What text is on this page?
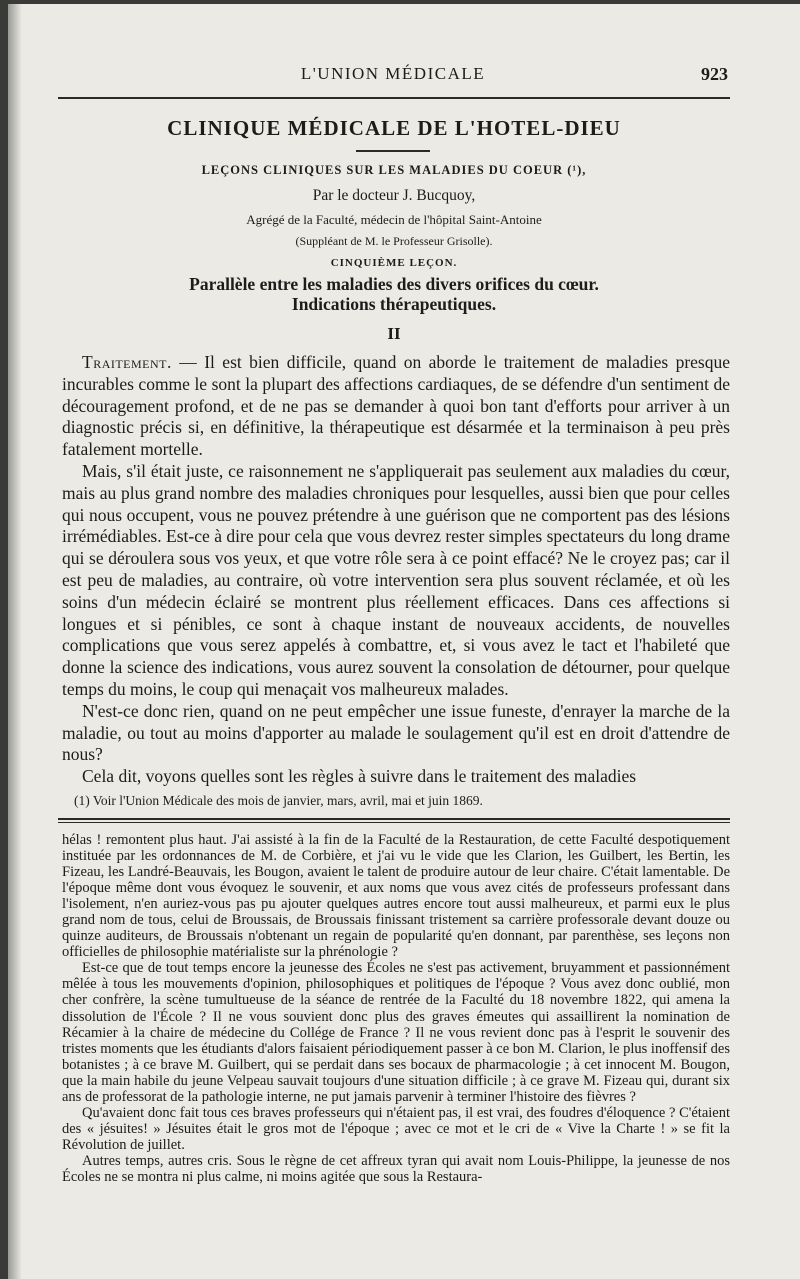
L'UNION MÉDICALE	923
CLINIQUE MÉDICALE DE L'HOTEL-DIEU
LEÇONS CLINIQUES SUR LES MALADIES DU COEUR (¹),
Par le docteur J. Bucquoy,
Agrégé de la Faculté, médecin de l'hôpital Saint-Antoine
(Suppléant de M. le Professeur Grisolle).
CINQUIÈME LEÇON.
Parallèle entre les maladies des divers orifices du cœur.
Indications thérapeutiques.
II

Traitement. — Il est bien difficile, quand on aborde le traitement de maladies presque incurables comme le sont la plupart des affections cardiaques, de se défendre d'un sentiment de découragement profond, et de ne pas se demander à quoi bon tant d'efforts pour arriver à un diagnostic précis si, en définitive, la thérapeutique est désarmée et la terminaison à peu près fatalement mortelle.

Mais, s'il était juste, ce raisonnement ne s'appliquerait pas seulement aux maladies du cœur, mais au plus grand nombre des maladies chroniques pour lesquelles, aussi bien que pour celles qui nous occupent, vous ne pouvez prétendre à une guérison que ne comportent pas des lésions irrémédiables. Est-ce à dire pour cela que vous devrez rester simples spectateurs du long drame qui se déroulera sous vos yeux, et que votre rôle sera à ce point effacé? Ne le croyez pas; car il est peu de maladies, au contraire, où votre intervention sera plus souvent réclamée, et où les soins d'un médecin éclairé se montrent plus réellement efficaces. Dans ces affections si longues et si pénibles, ce sont à chaque instant de nouveaux accidents, de nouvelles complications que vous serez appelés à combattre, et, si vous avez le tact et l'habileté que donne la science des indications, vous aurez souvent la consolation de détourner, pour quelque temps du moins, le coup qui menaçait vos malheureux malades.

N'est-ce donc rien, quand on ne peut empêcher une issue funeste, d'enrayer la marche de la maladie, ou tout au moins d'apporter au malade le soulagement qu'il est en droit d'attendre de nous?

Cela dit, voyons quelles sont les règles à suivre dans le traitement des maladies

(1) Voir l'Union Médicale des mois de janvier, mars, avril, mai et juin 1869.

hélas ! remontent plus haut. J'ai assisté à la fin de la Faculté de la Restauration, de cette Faculté despotiquement instituée par les ordonnances de M. de Corbière, et j'ai vu le vide que les Clarion, les Guilbert, les Bertin, les Fizeau, les Landré-Beauvais, les Bougon, avaient le talent de produire autour de leur chaire. C'était lamentable. De l'époque même dont vous évoquez le souvenir, et aux noms que vous avez cités de professeurs professant dans l'isolement, n'en auriez-vous pas pu ajouter quelques autres encore tout aussi malheureux, et parmi eux le plus grand nom de tous, celui de Broussais, de Broussais finissant tristement sa carrière professorale devant douze ou quinze auditeurs, de Broussais n'obtenant un regain de popularité qu'en donnant, par parenthèse, ses leçons non officielles de philosophie matérialiste sur la phrénologie ?

Est-ce que de tout temps encore la jeunesse des Écoles ne s'est pas activement, bruyamment et passionnément mêlée à tous les mouvements d'opinion, philosophiques et politiques de l'époque ? Vous avez donc oublié, mon cher confrère, la scène tumultueuse de la séance de rentrée de la Faculté du 18 novembre 1822, qui amena la dissolution de l'École ? Il ne vous souvient donc plus des graves émeutes qui assaillirent la nomination de Récamier à la chaire de médecine du Collége de France ? Il ne vous revient donc pas à l'esprit le souvenir des tristes moments que les étudiants d'alors faisaient périodiquement passer à ce bon M. Clarion, le plus inoffensif des botanistes ; à ce brave M. Guilbert, qui se perdait dans ses bocaux de pharmacologie ; à cet innocent M. Bougon, que la main habile du jeune Velpeau sauvait toujours d'une situation difficile ; à ce grave M. Fizeau qui, durant six ans de professorat de la pathologie interne, ne put jamais parvenir à terminer l'histoire des fièvres ?

Qu'avaient donc fait tous ces braves professeurs qui n'étaient pas, il est vrai, des foudres d'éloquence ? C'étaient des « jésuites! » Jésuites était le gros mot de l'époque ; avec ce mot et le cri de « Vive la Charte ! » se fit la Révolution de juillet.

Autres temps, autres cris. Sous le règne de cet affreux tyran qui avait nom Louis-Philippe, la jeunesse de nos Écoles ne se montra ni plus calme, ni moins agitée que sous la Restaura-
